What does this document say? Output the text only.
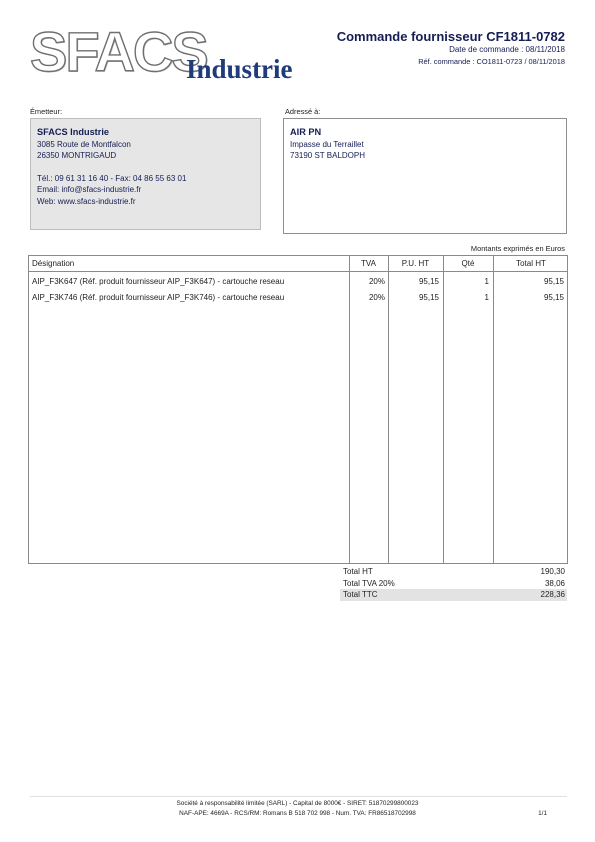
SFACS
Industrie
Commande fournisseur CF1811-0782
Date de commande : 08/11/2018
Réf. commande : CO1811-0723 / 08/11/2018
Émetteur:
SFACS Industrie
3085 Route de Montfalcon
26350 MONTRIGAUD
Tél.: 09 61 31 16 40 - Fax: 04 86 55 63 01
Email: info@sfacs-industrie.fr
Web: www.sfacs-industrie.fr
Adressé à:
AIR PN
Impasse du Terraillet
73190 ST BALDOPH
Montants exprimés en Euros
Désignation	TVA	P.U. HT	Qté	Total HT
AIP_F3K647 (Réf. produit fournisseur AIP_F3K647) - cartouche reseau	20%	95,15	1	95,15
AIP_F3K746 (Réf. produit fournisseur AIP_F3K746) - cartouche reseau	20%	95,15	1	95,15
Total HT	190,30
Total TVA 20%	38,06
Total TTC	228,36
Société à responsabilité limitée (SARL) - Capital de 8000€ - SIRET: 51870299800023
NAF-APE: 4669A - RCS/RM: Romans B 518 702 998 - Num. TVA: FR86518702998	1/1
